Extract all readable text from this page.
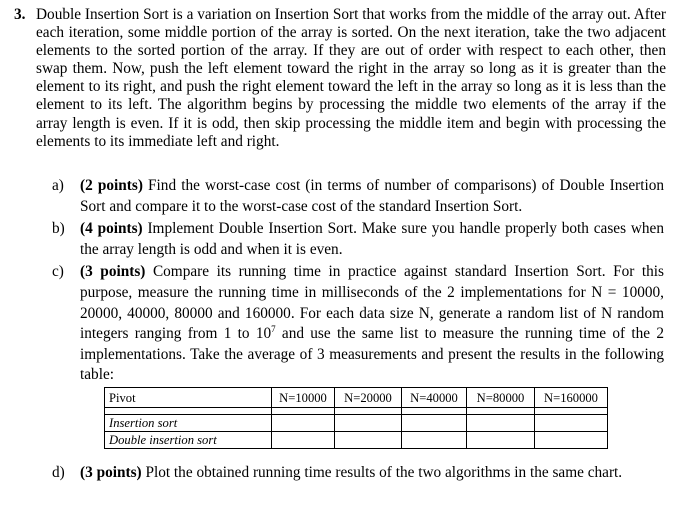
3. Double Insertion Sort is a variation on Insertion Sort that works from the middle of the array out. After each iteration, some middle portion of the array is sorted. On the next iteration, take the two adjacent elements to the sorted portion of the array. If they are out of order with respect to each other, then swap them. Now, push the left element toward the right in the array so long as it is greater than the element to its right, and push the right element toward the left in the array so long as it is less than the element to its left. The algorithm begins by processing the middle two elements of the array if the array length is even. If it is odd, then skip processing the middle item and begin with processing the elements to its immediate left and right.
a)	(2 points) Find the worst-case cost (in terms of number of comparisons) of Double Insertion Sort and compare it to the worst-case cost of the standard Insertion Sort.
b) (4 points) Implement Double Insertion Sort. Make sure you handle properly both cases when the array length is odd and when it is even.
c)	(3 points) Compare its running time in practice against standard Insertion Sort. For this purpose, measure the running time in milliseconds of the 2 implementations for N = 10000, 20000, 40000, 80000 and 160000. For each data size N, generate a random list of N random integers ranging from 1 to $10^7$ and use the same list to measure the running time of the 2 implementations. Take the average of 3 measurements and present the results in the following table:
Pivot	N=10000	N=20000	N=40000	N=80000	N=160000

Insertion sort					
Double insertion sort					
d) (3 points) Plot the obtained running time results of the two algorithms in the same chart.
